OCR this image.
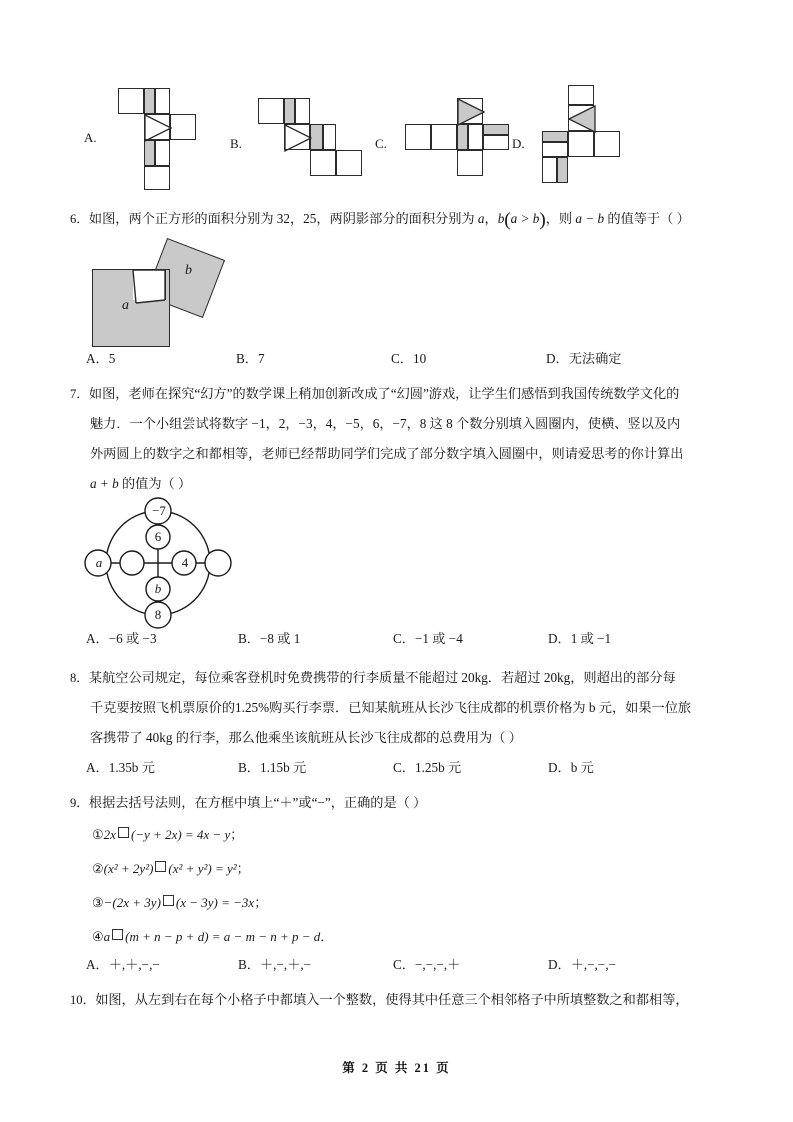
A.	B.	C.	D.
6．如图，两个正方形的面积分别为 32，25，两阴影部分的面积分别为 a，b(a > b)，则 a − b 的值等于（ ）
a
b
A．5	B．7	C．10	D．无法确定
7．如图，老师在探究“幻方”的数学课上稍加创新改成了“幻圆”游戏，让学生们感悟到我国传统数学文化的
魅力．一个小组尝试将数字 −1，2，−3，4，−5，6，−7，8 这 8 个数分别填入圆圈内，使横、竖以及内
外两圆上的数字之和都相等，老师已经帮助同学们完成了部分数字填入圆圈中，则请爱思考的你计算出
a + b 的值为（ ）
−7
6
a	4
b
8
A．−6 或 −3	B．−8 或 1	C．−1 或 −4	D．1 或 −1
8．某航空公司规定，每位乘客登机时免费携带的行李质量不能超过 20kg．若超过 20kg，则超出的部分每
千克要按照飞机票原价的1.25%购买行李票．已知某航班从长沙飞往成都的机票价格为 b 元，如果一位旅
客携带了 40kg 的行李，那么他乘坐该航班从长沙飞往成都的总费用为（ ）
A．1.35b 元	B．1.15b 元	C．1.25b 元	D．b 元
9．根据去括号法则，在方框中填上“＋”或“−”，正确的是（ ）
①2x (−y + 2x) = 4x − y；
②(x² + 2y²) (x² + y²) = y²；
③−(2x + 3y) (x − 3y) = −3x；
④a (m + n − p + d) = a − m − n + p − d．
A．＋,＋,−,−	B．＋,−,＋,−	C．−,−,−,＋	D．＋,−,−,−
10．如图，从左到右在每个小格子中都填入一个整数，使得其中任意三个相邻格子中所填整数之和都相等，
第 2 页 共 21 页
